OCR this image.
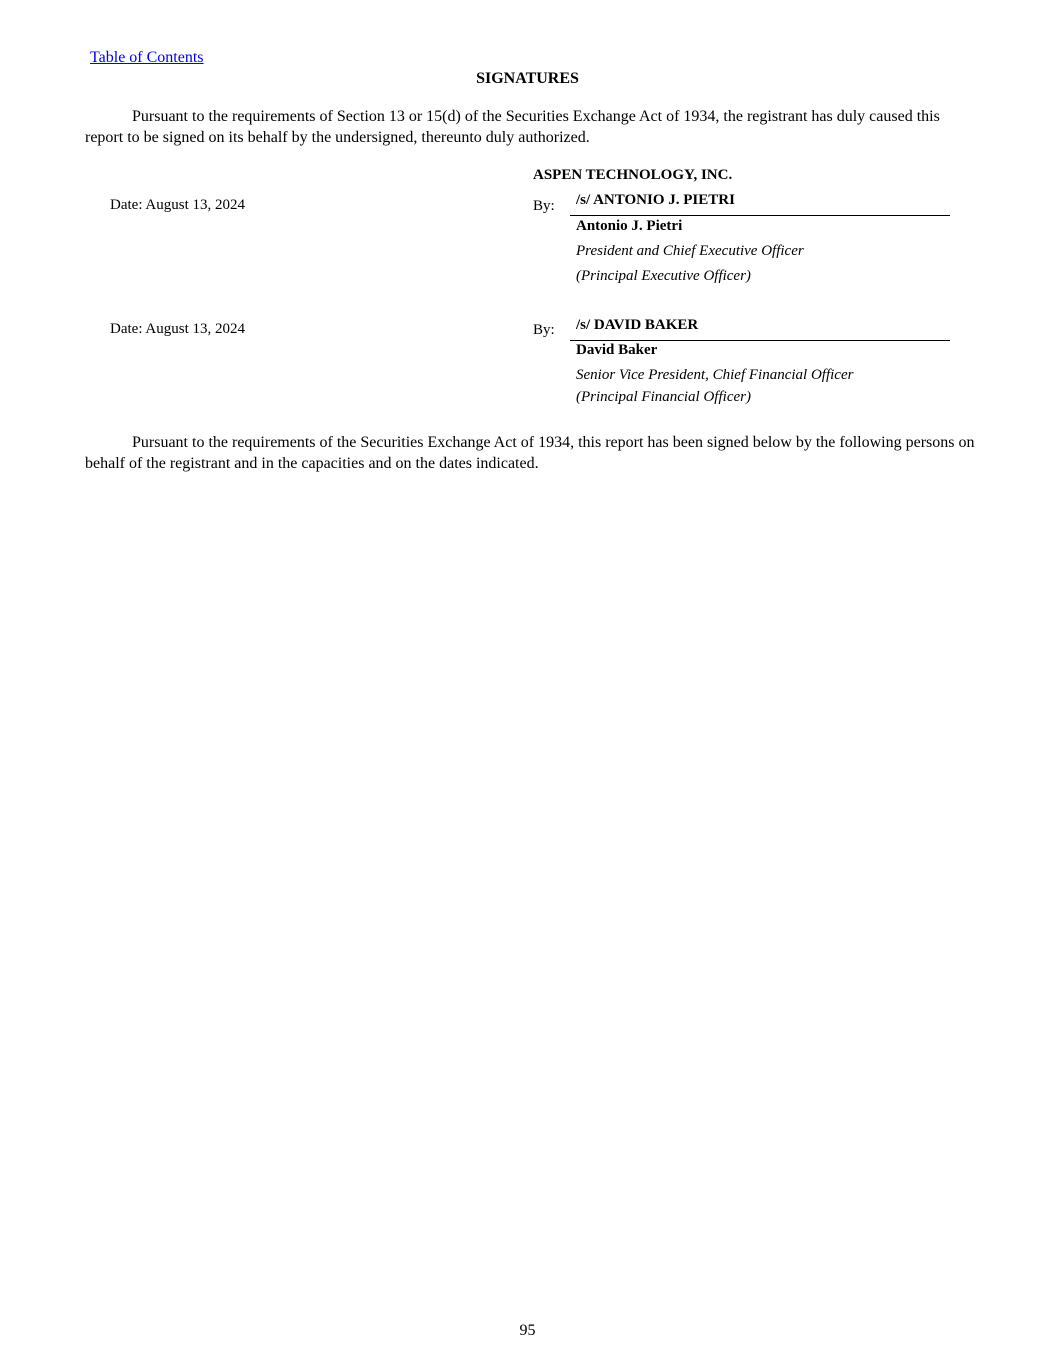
Table of Contents
SIGNATURES
Pursuant to the requirements of Section 13 or 15(d) of the Securities Exchange Act of 1934, the registrant has duly caused this report to be signed on its behalf by the undersigned, thereunto duly authorized.
ASPEN TECHNOLOGY, INC.
Date: August 13, 2024	By: /s/ ANTONIO J. PIETRI
Antonio J. Pietri
President and Chief Executive Officer
(Principal Executive Officer)
Date: August 13, 2024	By: /s/ DAVID BAKER
David Baker
Senior Vice President, Chief Financial Officer
(Principal Financial Officer)
Pursuant to the requirements of the Securities Exchange Act of 1934, this report has been signed below by the following persons on behalf of the registrant and in the capacities and on the dates indicated.
95
